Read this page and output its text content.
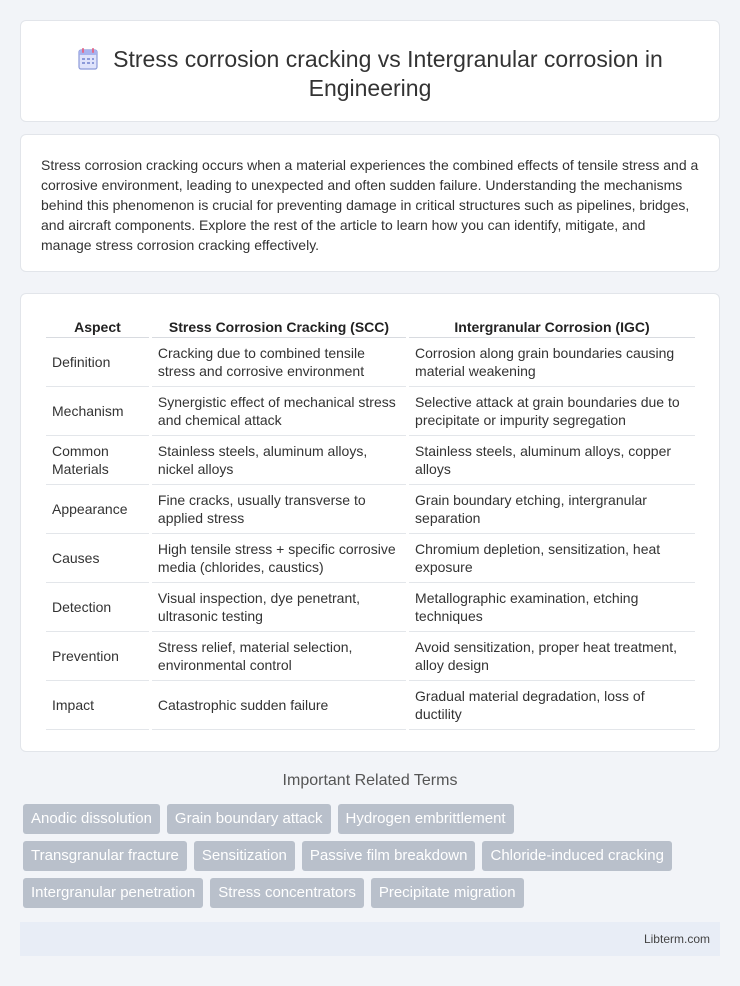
Stress corrosion cracking vs Intergranular corrosion in Engineering

Stress corrosion cracking occurs when a material experiences the combined effects of tensile stress and a corrosive environment, leading to unexpected and often sudden failure. Understanding the mechanisms behind this phenomenon is crucial for preventing damage in critical structures such as pipelines, bridges, and aircraft components. Explore the rest of the article to learn how you can identify, mitigate, and manage stress corrosion cracking effectively.

Aspect	Stress Corrosion Cracking (SCC)	Intergranular Corrosion (IGC)
Definition	Cracking due to combined tensile stress and corrosive environment	Corrosion along grain boundaries causing material weakening
Mechanism	Synergistic effect of mechanical stress and chemical attack	Selective attack at grain boundaries due to precipitate or impurity segregation
Common Materials	Stainless steels, aluminum alloys, nickel alloys	Stainless steels, aluminum alloys, copper alloys
Appearance	Fine cracks, usually transverse to applied stress	Grain boundary etching, intergranular separation
Causes	High tensile stress + specific corrosive media (chlorides, caustics)	Chromium depletion, sensitization, heat exposure
Detection	Visual inspection, dye penetrant, ultrasonic testing	Metallographic examination, etching techniques
Prevention	Stress relief, material selection, environmental control	Avoid sensitization, proper heat treatment, alloy design
Impact	Catastrophic sudden failure	Gradual material degradation, loss of ductility
Important Related Terms
Anodic dissolution	Grain boundary attack	Hydrogen embrittlement
Transgranular fracture	Sensitization	Passive film breakdown	Chloride-induced cracking
Intergranular penetration	Stress concentrators	Precipitate migration
Libterm.com
